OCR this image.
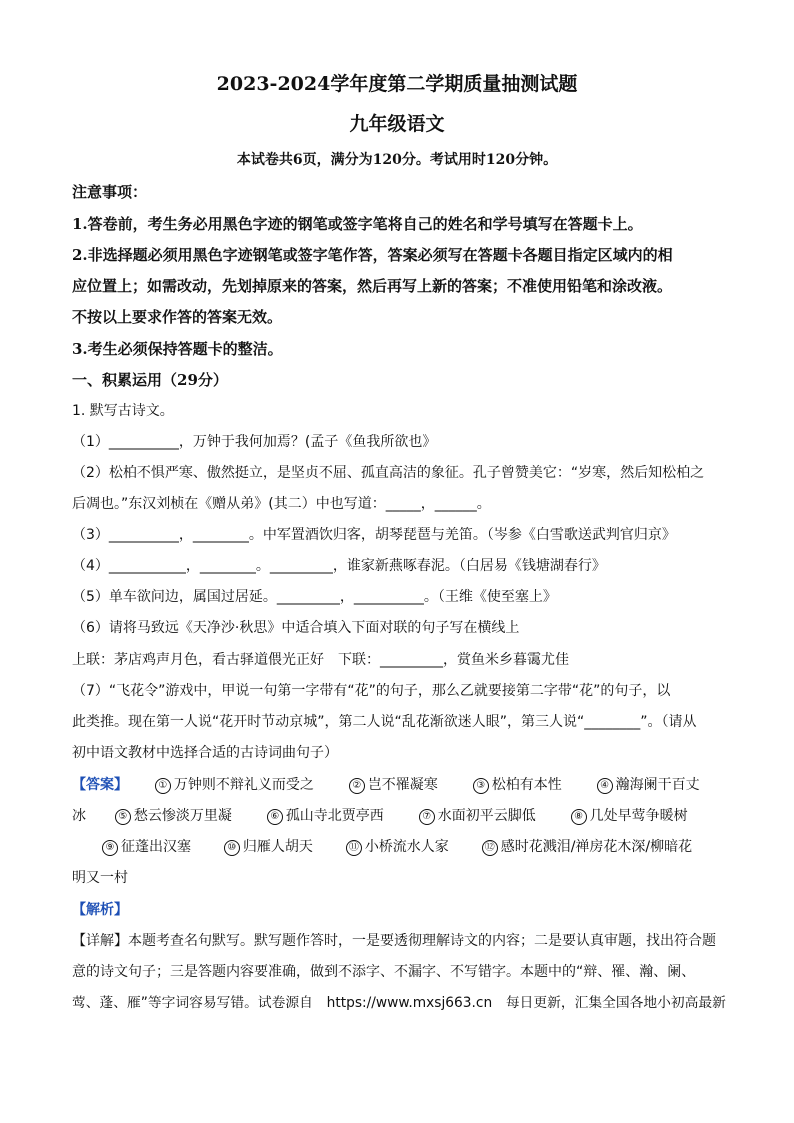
2023-2024学年度第二学期质量抽测试题
九年级语文
本试卷共6页，满分为120分。考试用时120分钟。
注意事项：
1.答卷前，考生务必用黑色字迹的钢笔或签字笔将自己的姓名和学号填写在答题卡上。
2.非选择题必须用黑色字迹钢笔或签字笔作答，答案必须写在答题卡各题目指定区域内的相
应位置上；如需改动，先划掉原来的答案，然后再写上新的答案；不准使用铅笔和涂改液。
不按以上要求作答的答案无效。
3.考生必须保持答题卡的整洁。
一、积累运用（29分）
1. 默写古诗文。
（1）__________，万钟于我何加焉？(孟子《鱼我所欲也》
（2）松柏不惧严寒、傲然挺立，是坚贞不屈、孤直高洁的象征。孔子曾赞美它：“岁寒，然后知松柏之
后凋也。”东汉刘桢在《赠从弟》(其二）中也写道：_____，______。
（3）__________，________。中军置酒饮归客，胡琴琵琶与羌笛。（岑参《白雪歌送武判官归京》
（4）___________，________。_________，谁家新燕啄春泥。（白居易《钱塘湖春行》
（5）单车欲问边，属国过居延。_________，__________。（王维《使至塞上》
（6）请将马致远《天净沙·秋思》中适合填入下面对联的句子写在横线上
上联：茅店鸡声月色，看古驿道偎光正好　下联：_________，赏鱼米乡暮霭尤佳
（7）“飞花令”游戏中，甲说一句第一字带有“花”的句子，那么乙就要接第二字带“花”的句子，以
此类推。现在第一人说“花开时节动京城”，第二人说“乱花渐欲迷人眼”，第三人说“________”。（请从
初中语文教材中选择合适的古诗词曲句子）
【答案】	① 万钟则不辩礼义而受之	② 岂不罹凝寒	③ 松柏有本性	④ 瀚海阑干百丈
冰	⑤ 愁云惨淡万里凝	⑥ 孤山寺北贾亭西	⑦ 水面初平云脚低	⑧ 几处早莺争暖树
⑨ 征蓬出汉塞	⑩ 归雁人胡天	⑪ 小桥流水人家	⑫ 感时花溅泪/禅房花木深/柳暗花
明又一村
【解析】
【详解】本题考查名句默写。默写题作答时，一是要透彻理解诗文的内容；二是要认真审题，找出符合题
意的诗文句子；三是答题内容要准确，做到不添字、不漏字、不写错字。本题中的“辩、罹、瀚、阑、
莺、蓬、雁”等字词容易写错。试卷源自　https://www.mxsj663.cn　每日更新，汇集全国各地小初高最新
